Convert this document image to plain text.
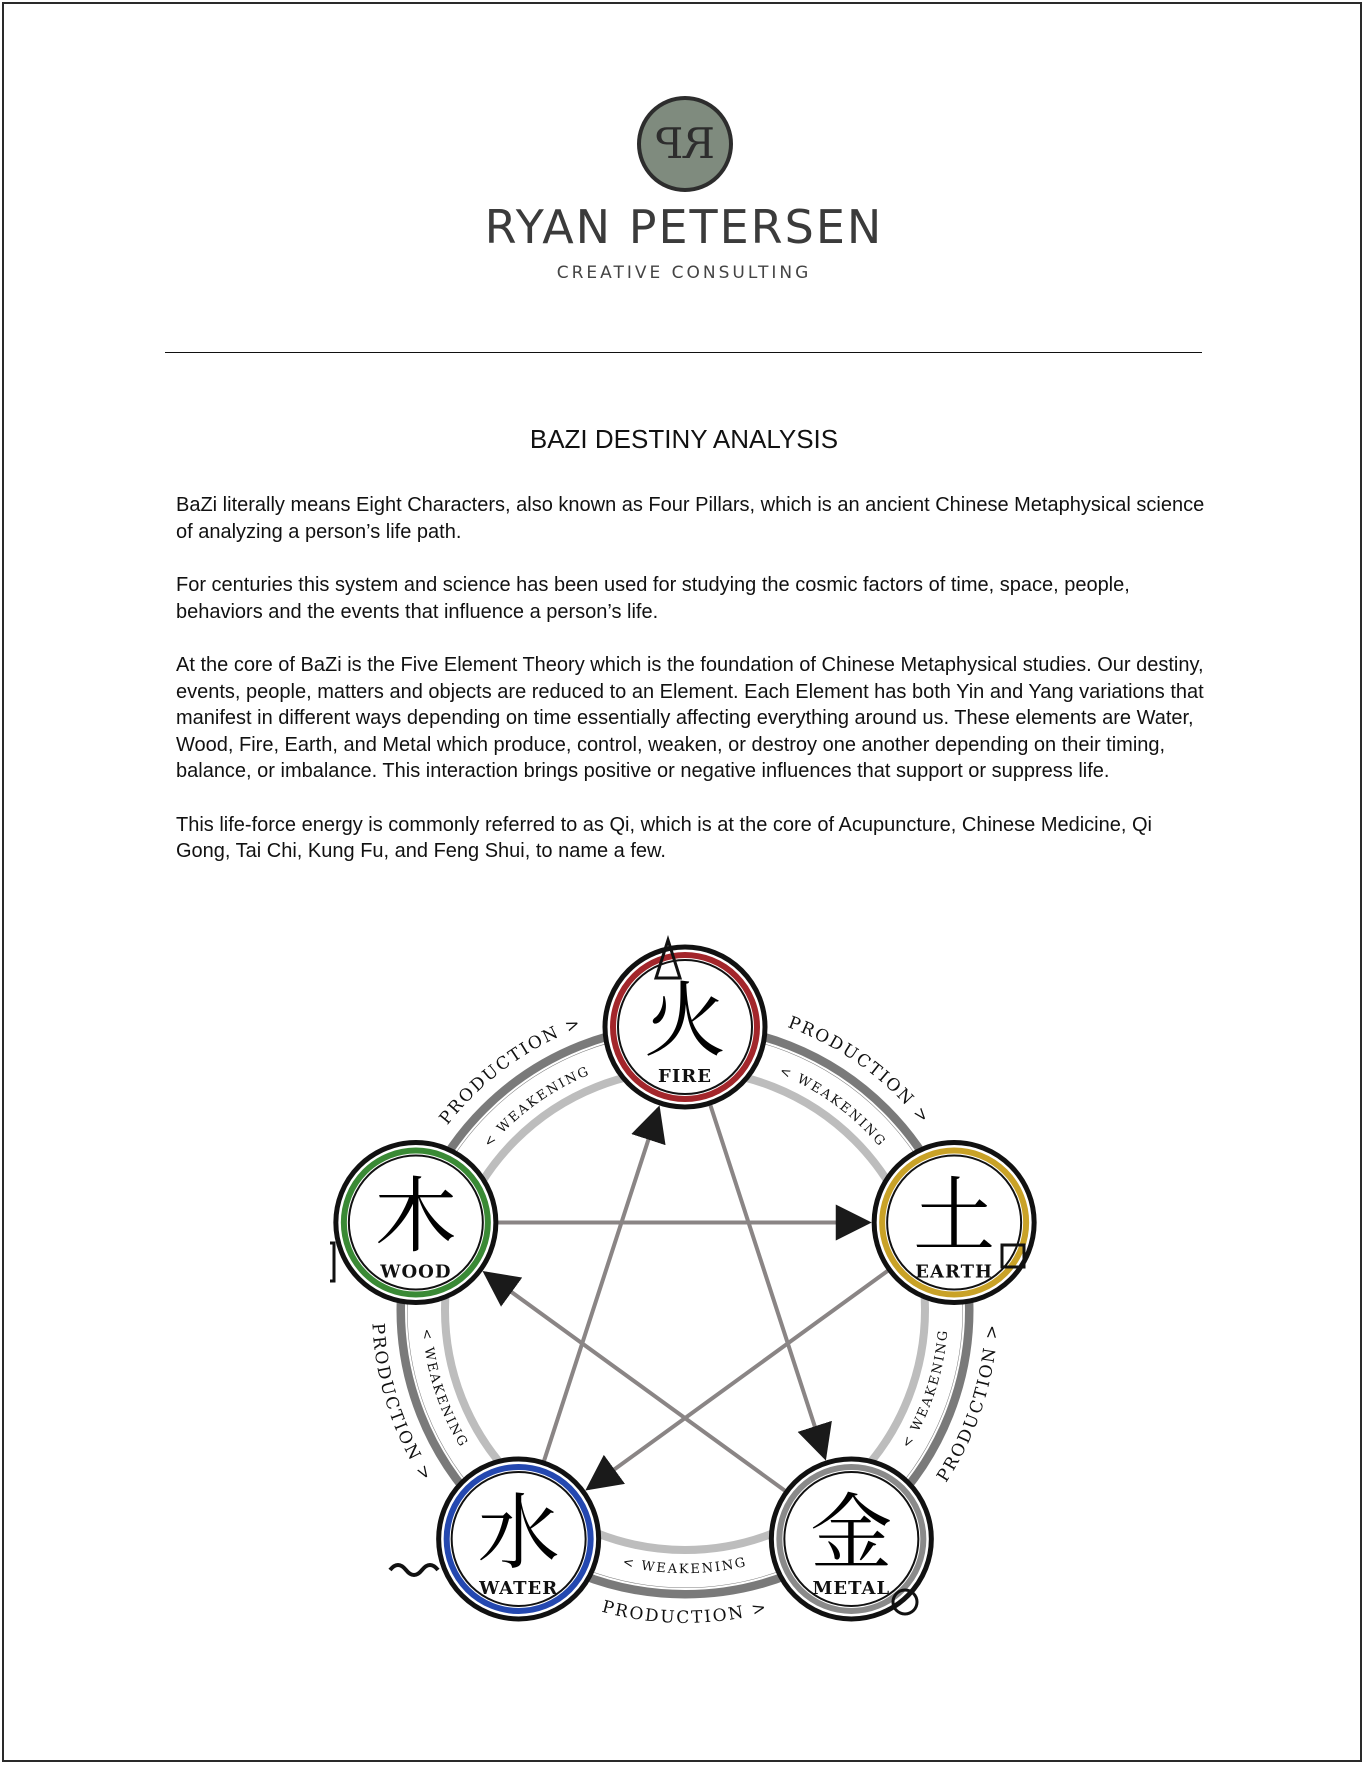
RP
RYAN PETERSEN
CREATIVE CONSULTING
BAZI DESTINY ANALYSIS

BaZi literally means Eight Characters, also known as Four Pillars, which is an ancient Chinese Metaphysical science of analyzing a person’s life path.

For centuries this system and science has been used for studying the cosmic factors of time, space, people, behaviors and the events that influence a person’s life.

At the core of BaZi is the Five Element Theory which is the foundation of Chinese Metaphysical studies. Our destiny, events, people, matters and objects are reduced to an Element. Each Element has both Yin and Yang variations that manifest in different ways depending on time essentially affecting everything around us. These elements are Water, Wood, Fire, Earth, and Metal which produce, control, weaken, or destroy one another depending on their timing, balance, or imbalance. This interaction brings positive or negative influences that support or suppress life.

This life-force energy is commonly referred to as Qi, which is at the core of Acupuncture, Chinese Medicine, Qi Gong, Tai Chi, Kung Fu, and Feng Shui, to name a few.

PRODUCTION >
< WEAKENING
PRODUCTION >
< WEAKENING
PRODUCTION >
< WEAKENING
PRODUCTION >
< WEAKENING
PRODUCTION >
< WEAKENING
火
FIRE
土
EARTH
金
METAL
水
WATER
木
WOOD
